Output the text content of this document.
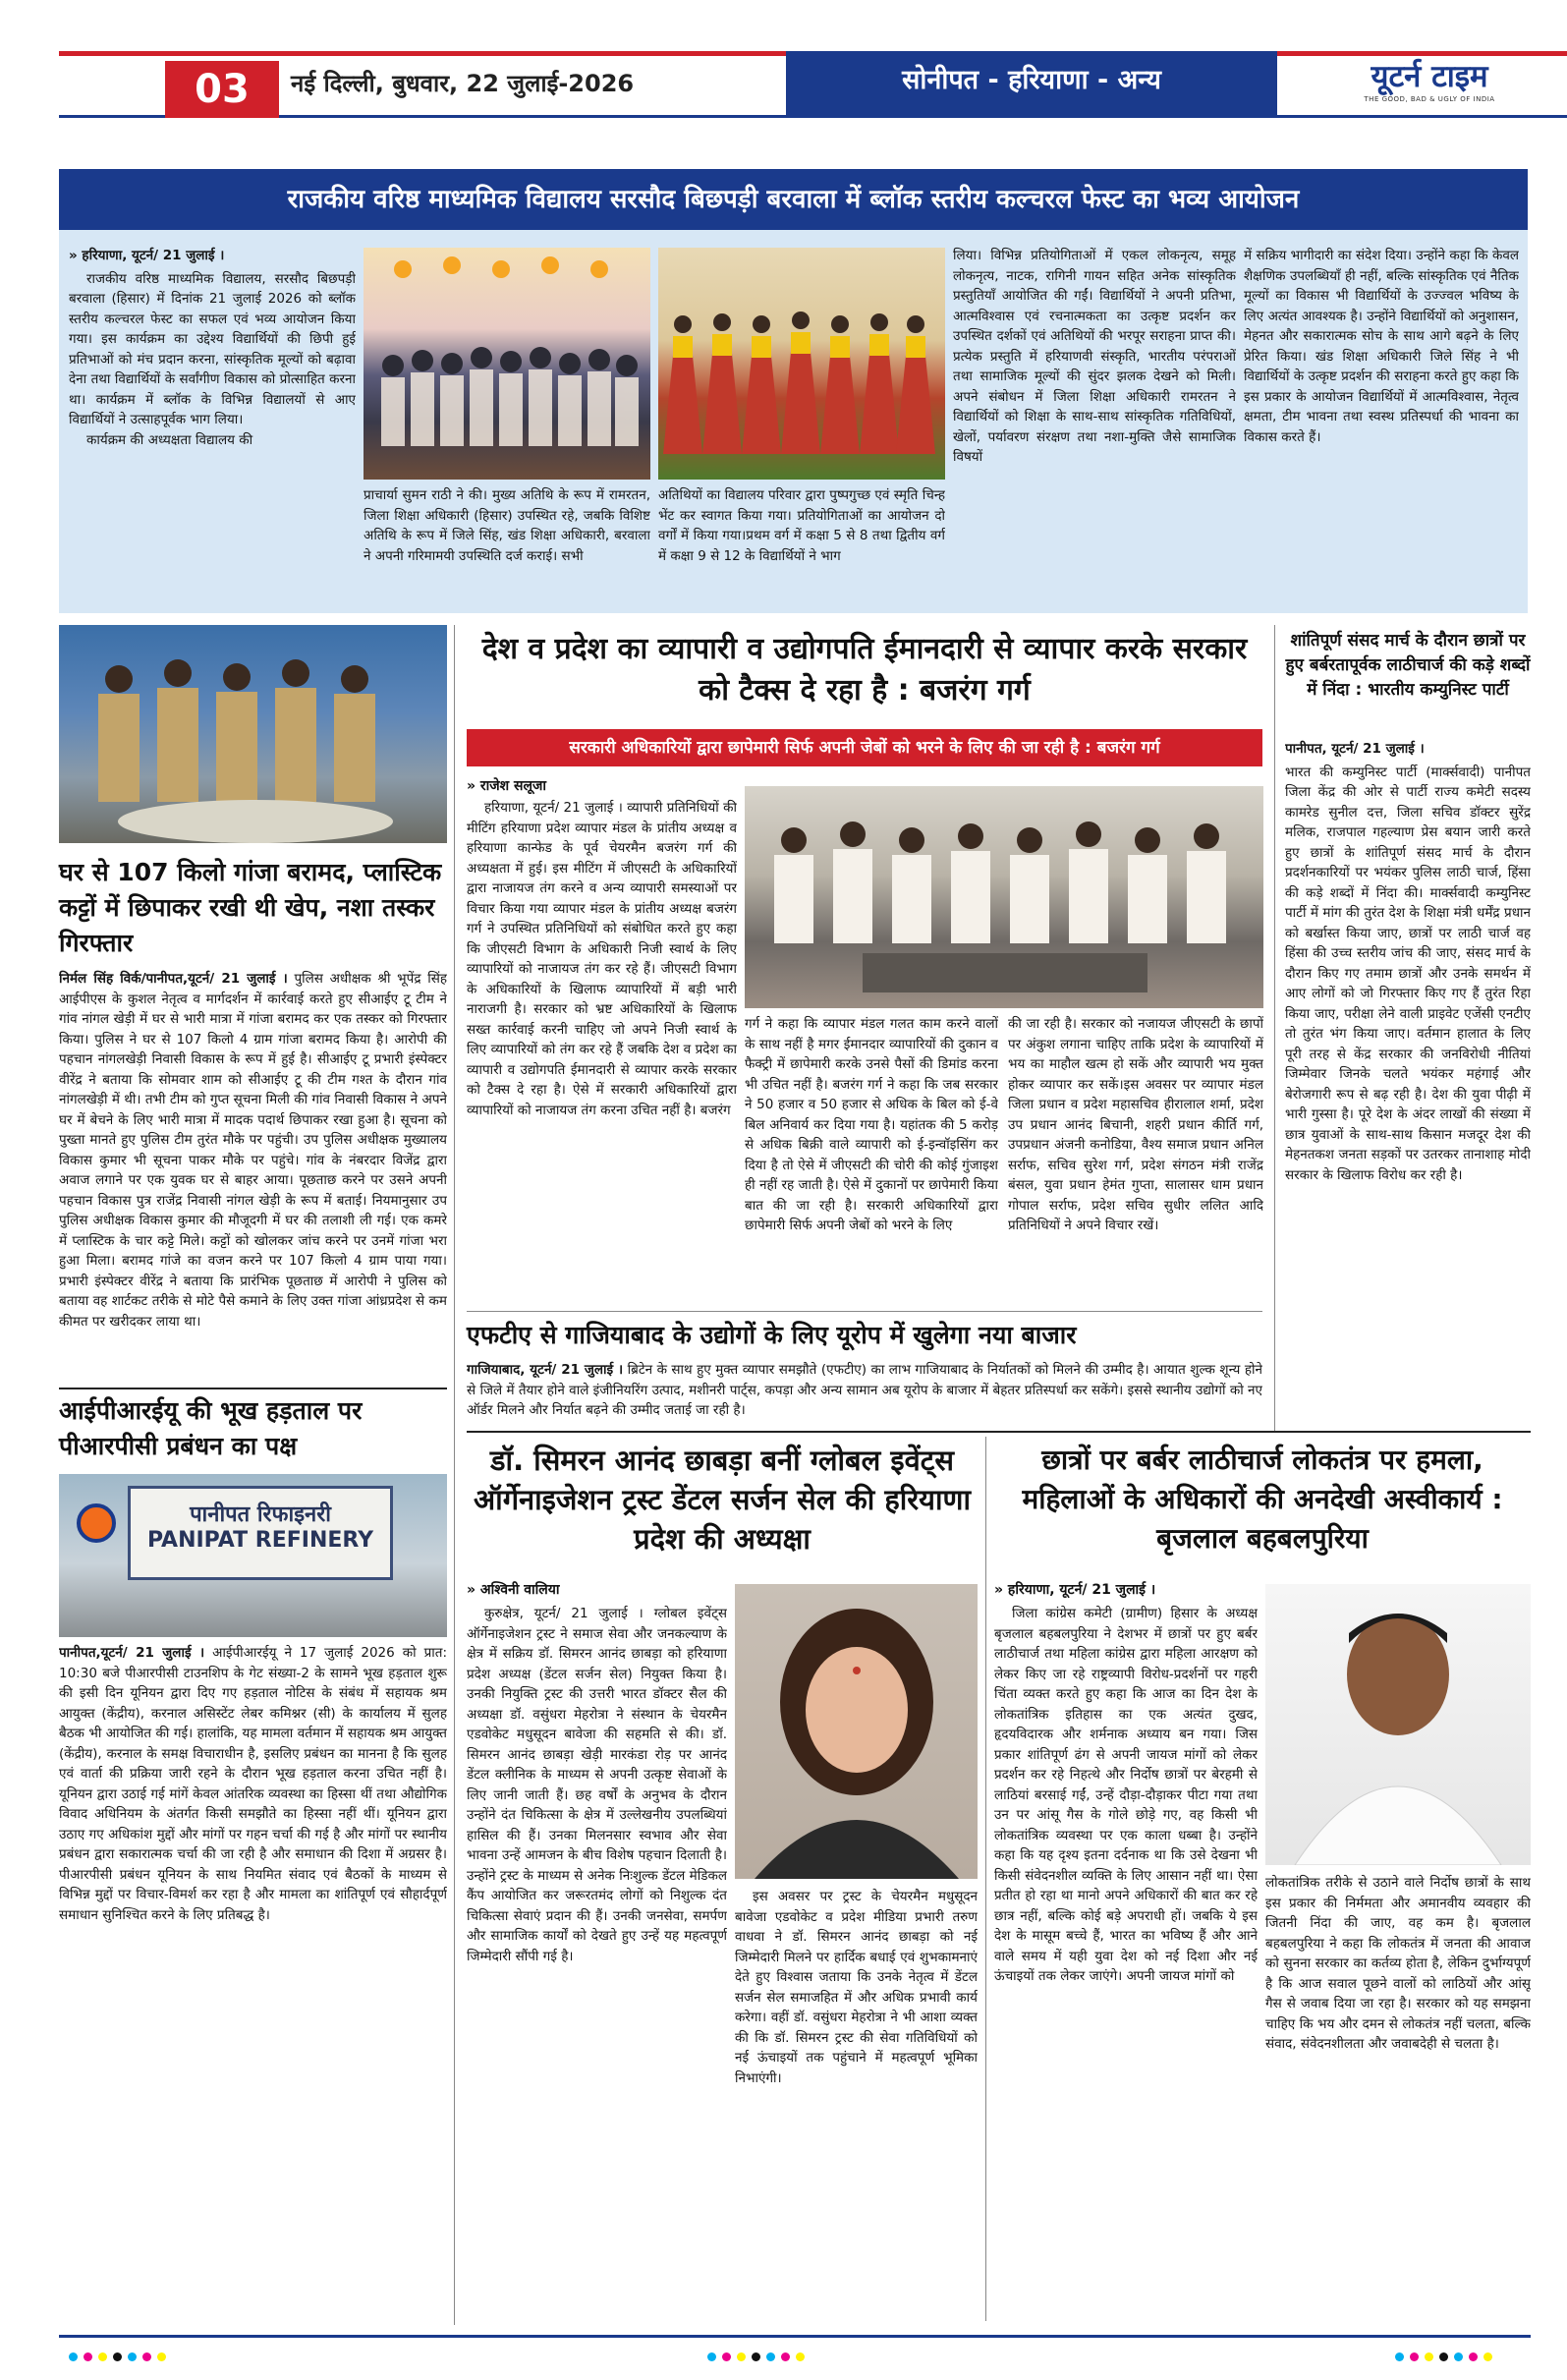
03	नई दिल्ली, बुधवार, 22 जुलाई-2026	सोनीपत - हरियाणा - अन्य	यूटर्न टाइम
THE GOOD, BAD & UGLY OF INDIA
राजकीय वरिष्ठ माध्यमिक विद्यालय सरसौद बिछपड़ी बरवाला में ब्लॉक स्तरीय कल्चरल फेस्ट का भव्य आयोजन
» हरियाणा, यूटर्न/ 21 जुलाई ।
राजकीय वरिष्ठ माध्यमिक विद्यालय, सरसौद बिछपड़ी बरवाला (हिसार) में दिनांक 21 जुलाई 2026 को ब्लॉक स्तरीय कल्चरल फेस्ट का सफल एवं भव्य आयोजन किया गया। इस कार्यक्रम का उद्देश्य विद्यार्थियों की छिपी हुई प्रतिभाओं को मंच प्रदान करना, सांस्कृतिक मूल्यों को बढ़ावा देना तथा विद्यार्थियों के सर्वांगीण विकास को प्रोत्साहित करना था। कार्यक्रम में ब्लॉक के विभिन्न विद्यालयों से आए विद्यार्थियों ने उत्साहपूर्वक भाग लिया।
कार्यक्रम की अध्यक्षता विद्यालय की
प्राचार्या सुमन राठी ने की। मुख्य अतिथि के रूप में रामरतन, जिला शिक्षा अधिकारी (हिसार) उपस्थित रहे, जबकि विशिष्ट अतिथि के रूप में जिले सिंह, खंड शिक्षा अधिकारी, बरवाला ने अपनी गरिमामयी उपस्थिति दर्ज कराई। सभी
अतिथियों का विद्यालय परिवार द्वारा पुष्पगुच्छ एवं स्मृति चिन्ह भेंट कर स्वागत किया गया। प्रतियोगिताओं का आयोजन दो वर्गों में किया गया।प्रथम वर्ग में कक्षा 5 से 8 तथा द्वितीय वर्ग में कक्षा 9 से 12 के विद्यार्थियों ने भाग
लिया। विभिन्न प्रतियोगिताओं में एकल लोकनृत्य, समूह लोकनृत्य, नाटक, रागिनी गायन सहित अनेक सांस्कृतिक प्रस्तुतियाँ आयोजित की गईं। विद्यार्थियों ने अपनी प्रतिभा, आत्मविश्वास एवं रचनात्मकता का उत्कृष्ट प्रदर्शन कर उपस्थित दर्शकों एवं अतिथियों की भरपूर सराहना प्राप्त की। प्रत्येक प्रस्तुति में हरियाणवी संस्कृति, भारतीय परंपराओं तथा सामाजिक मूल्यों की सुंदर झलक देखने को मिली। अपने संबोधन में जिला शिक्षा अधिकारी रामरतन ने विद्यार्थियों को शिक्षा के साथ-साथ सांस्कृतिक गतिविधियों, खेलों, पर्यावरण संरक्षण तथा नशा-मुक्ति जैसे सामाजिक विषयों
में सक्रिय भागीदारी का संदेश दिया। उन्होंने कहा कि केवल शैक्षणिक उपलब्धियाँ ही नहीं, बल्कि सांस्कृतिक एवं नैतिक मूल्यों का विकास भी विद्यार्थियों के उज्ज्वल भविष्य के लिए अत्यंत आवश्यक है। उन्होंने विद्यार्थियों को अनुशासन, मेहनत और सकारात्मक सोच के साथ आगे बढ़ने के लिए प्रेरित किया। खंड शिक्षा अधिकारी जिले सिंह ने भी विद्यार्थियों के उत्कृष्ट प्रदर्शन की सराहना करते हुए कहा कि इस प्रकार के आयोजन विद्यार्थियों में आत्मविश्वास, नेतृत्व क्षमता, टीम भावना तथा स्वस्थ प्रतिस्पर्धा की भावना का विकास करते हैं।
घर से 107 किलो गांजा बरामद, प्लास्टिक कट्टों में छिपाकर रखी थी खेप, नशा तस्कर गिरफ्तार
निर्मल सिंह विर्क/पानीपत,यूटर्न/ 21 जुलाई । पुलिस अधीक्षक श्री भूपेंद्र सिंह आईपीएस के कुशल नेतृत्व व मार्गदर्शन में कार्रवाई करते हुए सीआईए टू टीम ने गांव नांगल खेड़ी में घर से भारी मात्रा में गांजा बरामद कर एक तस्कर को गिरफ्तार किया। पुलिस ने घर से 107 किलो 4 ग्राम गांजा बरामद किया है। आरोपी की पहचान नांगलखेड़ी निवासी विकास के रूप में हुई है। सीआईए टू प्रभारी इंस्पेक्टर वीरेंद्र ने बताया कि सोमवार शाम को सीआईए टू की टीम गश्त के दौरान गांव नांगलखेड़ी में थी। तभी टीम को गुप्त सूचना मिली की गांव निवासी विकास ने अपने घर में बेचने के लिए भारी मात्रा में मादक पदार्थ छिपाकर रखा हुआ है। सूचना को पुख्ता मानते हुए पुलिस टीम तुरंत मौके पर पहुंची। उप पुलिस अधीक्षक मुख्यालय विकास कुमार भी सूचना पाकर मौके पर पहुंचे। गांव के नंबरदार विजेंद्र द्वारा अवाज लगाने पर एक युवक घर से बाहर आया। पूछताछ करने पर उसने अपनी पहचान विकास पुत्र राजेंद्र निवासी नांगल खेड़ी के रूप में बताई। नियमानुसार उप पुलिस अधीक्षक विकास कुमार की मौजूदगी में घर की तलाशी ली गई। एक कमरे में प्लास्टिक के चार कट्टे मिले। कट्टों को खोलकर जांच करने पर उनमें गांजा भरा हुआ मिला। बरामद गांजे का वजन करने पर 107 किलो 4 ग्राम पाया गया। प्रभारी इंस्पेक्टर वीरेंद्र ने बताया कि प्रारंभिक पूछताछ में आरोपी ने पुलिस को बताया वह शार्टकट तरीके से मोटे पैसे कमाने के लिए उक्त गांजा आंध्रप्रदेश से कम कीमत पर खरीदकर लाया था।
आईपीआरईयू की भूख हड़ताल पर पीआरपीसी प्रबंधन का पक्ष
पानीपत रिफाइनरी
PANIPAT REFINERY
पानीपत,यूटर्न/ 21 जुलाई । आईपीआरईयू ने 17 जुलाई 2026 को प्रात: 10:30 बजे पीआरपीसी टाउनशिप के गेट संख्या-2 के सामने भूख हड़ताल शुरू की इसी दिन यूनियन द्वारा दिए गए हड़ताल नोटिस के संबंध में सहायक श्रम आयुक्त (केंद्रीय), करनाल असिस्टेंट लेबर कमिश्नर (सी) के कार्यालय में सुलह बैठक भी आयोजित की गई। हालांकि, यह मामला वर्तमान में सहायक श्रम आयुक्त (केंद्रीय), करनाल के समक्ष विचाराधीन है, इसलिए प्रबंधन का मानना है कि सुलह एवं वार्ता की प्रक्रिया जारी रहने के दौरान भूख हड़ताल करना उचित नहीं है। यूनियन द्वारा उठाई गई मांगें केवल आंतरिक व्यवस्था का हिस्सा थीं तथा औद्योगिक विवाद अधिनियम के अंतर्गत किसी समझौते का हिस्सा नहीं थीं। यूनियन द्वारा उठाए गए अधिकांश मुद्दों और मांगों पर गहन चर्चा की गई है और मांगों पर स्थानीय प्रबंधन द्वारा सकारात्मक चर्चा की जा रही है और समाधान की दिशा में अग्रसर है। पीआरपीसी प्रबंधन यूनियन के साथ नियमित संवाद एवं बैठकों के माध्यम से विभिन्न मुद्दों पर विचार-विमर्श कर रहा है और मामला का शांतिपूर्ण एवं सौहार्दपूर्ण समाधान सुनिश्चित करने के लिए प्रतिबद्ध है।
देश व प्रदेश का व्यापारी व उद्योगपति ईमानदारी से व्यापार करके सरकार को टैक्स दे रहा है : बजरंग गर्ग
सरकारी अधिकारियों द्वारा छापेमारी सिर्फ अपनी जेबों को भरने के लिए की जा रही है : बजरंग गर्ग
» राजेश सलूजा
हरियाणा, यूटर्न/ 21 जुलाई । व्यापारी प्रतिनिधियों की मीटिंग हरियाणा प्रदेश व्यापार मंडल के प्रांतीय अध्यक्ष व हरियाणा कान्फेड के पूर्व चेयरमैन बजरंग गर्ग की अध्यक्षता में हुई। इस मीटिंग में जीएसटी के अधिकारियों द्वारा नाजायज तंग करने व अन्य व्यापारी समस्याओं पर विचार किया गया व्यापार मंडल के प्रांतीय अध्यक्ष बजरंग गर्ग ने उपस्थित प्रतिनिधियों को संबोधित करते हुए कहा कि जीएसटी विभाग के अधिकारी निजी स्वार्थ के लिए व्यापारियों को नाजायज तंग कर रहे हैं। जीएसटी विभाग के अधिकारियों के खिलाफ व्यापारियों में बड़ी भारी नाराजगी है। सरकार को भ्रष्ट अधिकारियों के खिलाफ सख्त कार्रवाई करनी चाहिए जो अपने निजी स्वार्थ के लिए व्यापारियों को तंग कर रहे हैं जबकि देश व प्रदेश का व्यापारी व उद्योगपति ईमानदारी से व्यापार करके सरकार को टैक्स दे रहा है। ऐसे में सरकारी अधिकारियों द्वारा व्यापारियों को नाजायज तंग करना उचित नहीं है। बजरंग
गर्ग ने कहा कि व्यापार मंडल गलत काम करने वालों के साथ नहीं है मगर ईमानदार व्यापारियों की दुकान व फैक्ट्री में छापेमारी करके उनसे पैसों की डिमांड करना भी उचित नहीं है। बजरंग गर्ग ने कहा कि जब सरकार ने 50 हजार व 50 हजार से अधिक के बिल को ई-वे बिल अनिवार्य कर दिया गया है। यहांतक की 5 करोड़ से अधिक बिक्री वाले व्यापारी को ई-इन्वॉइसिंग कर दिया है तो ऐसे में जीएसटी की चोरी की कोई गुंजाइश ही नहीं रह जाती है। ऐसे में दुकानों पर छापेमारी किया बात की जा रही है। सरकारी अधिकारियों द्वारा छापेमारी सिर्फ अपनी जेबों को भरने के लिए
की जा रही है। सरकार को नजायज जीएसटी के छापों पर अंकुश लगाना चाहिए ताकि प्रदेश के व्यापारियों में भय का माहौल खत्म हो सकें और व्यापारी भय मुक्त होकर व्यापार कर सकें।इस अवसर पर व्यापार मंडल जिला प्रधान व प्रदेश महासचिव हीरालाल शर्मा, प्रदेश उप प्रधान आनंद बिचानी, शहरी प्रधान कीर्ति गर्ग, उपप्रधान अंजनी कनोडिया, वैश्य समाज प्रधान अनिल सर्राफ, सचिव सुरेश गर्ग, प्रदेश संगठन मंत्री राजेंद्र बंसल, युवा प्रधान हेमंत गुप्ता, सालासर धाम प्रधान गोपाल सर्राफ, प्रदेश सचिव सुधीर ललित आदि प्रतिनिधियों ने अपने विचार रखें।
एफटीए से गाजियाबाद के उद्योगों के लिए यूरोप में खुलेगा नया बाजार
गाजियाबाद, यूटर्न/ 21 जुलाई । ब्रिटेन के साथ हुए मुक्त व्यापार समझौते (एफटीए) का लाभ गाजियाबाद के निर्यातकों को मिलने की उम्मीद है। आयात शुल्क शून्य होने से जिले में तैयार होने वाले इंजीनियरिंग उत्पाद, मशीनरी पार्ट्स, कपड़ा और अन्य सामान अब यूरोप के बाजार में बेहतर प्रतिस्पर्धा कर सकेंगे। इससे स्थानीय उद्योगों को नए ऑर्डर मिलने और निर्यात बढ़ने की उम्मीद जताई जा रही है।
शांतिपूर्ण संसद मार्च के दौरान छात्रों पर हुए बर्बरतापूर्वक लाठीचार्ज की कड़े शब्दों में निंदा : भारतीय कम्युनिस्ट पार्टी
पानीपत, यूटर्न/ 21 जुलाई ।
भारत की कम्युनिस्ट पार्टी (मार्क्सवादी) पानीपत जिला केंद्र की ओर से पार्टी राज्य कमेटी सदस्य कामरेड सुनील दत्त, जिला सचिव डॉक्टर सुरेंद्र मलिक, राजपाल गहल्याण प्रेस बयान जारी करते हुए छात्रों के शांतिपूर्ण संसद मार्च के दौरान प्रदर्शनकारियों पर भयंकर पुलिस लाठी चार्ज, हिंसा की कड़े शब्दों में निंदा की। मार्क्सवादी कम्युनिस्ट पार्टी में मांग की तुरंत देश के शिक्षा मंत्री धर्मेंद्र प्रधान को बर्खास्त किया जाए, छात्रों पर लाठी चार्ज वह हिंसा की उच्च स्तरीय जांच की जाए, संसद मार्च के दौरान किए गए तमाम छात्रों और उनके समर्थन में आए लोगों को जो गिरफ्तार किए गए हैं तुरंत रिहा किया जाए, परीक्षा लेने वाली प्राइवेट एजेंसी एनटीए तो तुरंत भंग किया जाए। वर्तमान हालात के लिए पूरी तरह से केंद्र सरकार की जनविरोधी नीतियां जिम्मेवार जिनके चलते भयंकर महंगाई और बेरोजगारी रूप से बढ़ रही है। देश की युवा पीढ़ी में भारी गुस्सा है। पूरे देश के अंदर लाखों की संख्या में छात्र युवाओं के साथ-साथ किसान मजदूर देश की मेहनतकश जनता सड़कों पर उतरकर तानाशाह मोदी सरकार के खिलाफ विरोध कर रही है।
डॉ. सिमरन आनंद छाबड़ा बनीं ग्लोबल इवेंट्स ऑर्गेनाइजेशन ट्रस्ट डेंटल सर्जन सेल की हरियाणा प्रदेश की अध्यक्षा
» अश्विनी वालिया
कुरुक्षेत्र, यूटर्न/ 21 जुलाई । ग्लोबल इवेंट्स ऑर्गेनाइजेशन ट्रस्ट ने समाज सेवा और जनकल्याण के क्षेत्र में सक्रिय डॉ. सिमरन आनंद छाबड़ा को हरियाणा प्रदेश अध्यक्ष (डेंटल सर्जन सेल) नियुक्त किया है। उनकी नियुक्ति ट्रस्ट की उत्तरी भारत डॉक्टर सैल की अध्यक्षा डॉ. वसुंधरा मेहरोत्रा ने संस्थान के चेयरमैन एडवोकेट मधुसूदन बावेजा की सहमति से की। डॉ. सिमरन आनंद छाबड़ा खेड़ी मारकंडा रोड़ पर आनंद डेंटल क्लीनिक के माध्यम से अपनी उत्कृष्ट सेवाओं के लिए जानी जाती हैं। छह वर्षों के अनुभव के दौरान उन्होंने दंत चिकित्सा के क्षेत्र में उल्लेखनीय उपलब्धियां हासिल की हैं। उनका मिलनसार स्वभाव और सेवा भावना उन्हें आमजन के बीच विशेष पहचान दिलाती है। उन्होंने ट्रस्ट के माध्यम से अनेक निःशुल्क डेंटल मेडिकल कैंप आयोजित कर जरूरतमंद लोगों को निशुल्क दंत चिकित्सा सेवाएं प्रदान की हैं। उनकी जनसेवा, समर्पण और सामाजिक कार्यों को देखते हुए उन्हें यह महत्वपूर्ण जिम्मेदारी सौंपी गई है।
इस अवसर पर ट्रस्ट के चेयरमैन मधुसूदन बावेजा एडवोकेट व प्रदेश मीडिया प्रभारी तरुण वाधवा ने डॉ. सिमरन आनंद छाबड़ा को नई जिम्मेदारी मिलने पर हार्दिक बधाई एवं शुभकामनाएं देते हुए विश्वास जताया कि उनके नेतृत्व में डेंटल सर्जन सेल समाजहित में और अधिक प्रभावी कार्य करेगा। वहीं डॉ. वसुंधरा मेहरोत्रा ने भी आशा व्यक्त की कि डॉ. सिमरन ट्रस्ट की सेवा गतिविधियों को नई ऊंचाइयों तक पहुंचाने में महत्वपूर्ण भूमिका निभाएंगी।
छात्रों पर बर्बर लाठीचार्ज लोकतंत्र पर हमला, महिलाओं के अधिकारों की अनदेखी अस्वीकार्य : बृजलाल बहबलपुरिया
» हरियाणा, यूटर्न/ 21 जुलाई ।
जिला कांग्रेस कमेटी (ग्रामीण) हिसार के अध्यक्ष बृजलाल बहबलपुरिया ने देशभर में छात्रों पर हुए बर्बर लाठीचार्ज तथा महिला कांग्रेस द्वारा महिला आरक्षण को लेकर किए जा रहे राष्ट्रव्यापी विरोध-प्रदर्शनों पर गहरी चिंता व्यक्त करते हुए कहा कि आज का दिन देश के लोकतांत्रिक इतिहास का एक अत्यंत दुखद, हृदयविदारक और शर्मनाक अध्याय बन गया। जिस प्रकार शांतिपूर्ण ढंग से अपनी जायज मांगों को लेकर प्रदर्शन कर रहे निहत्थे और निर्दोष छात्रों पर बेरहमी से लाठियां बरसाई गईं, उन्हें दौड़ा-दौड़ाकर पीटा गया तथा उन पर आंसू गैस के गोले छोड़े गए, वह किसी भी लोकतांत्रिक व्यवस्था पर एक काला धब्बा है। उन्होंने कहा कि यह दृश्य इतना दर्दनाक था कि उसे देखना भी किसी संवेदनशील व्यक्ति के लिए आसान नहीं था। ऐसा प्रतीत हो रहा था मानो अपने अधिकारों की बात कर रहे छात्र नहीं, बल्कि कोई बड़े अपराधी हों। जबकि ये इस देश के मासूम बच्चे हैं, भारत का भविष्य हैं और आने वाले समय में यही युवा देश को नई दिशा और नई ऊंचाइयों तक लेकर जाएंगे। अपनी जायज मांगों को
लोकतांत्रिक तरीके से उठाने वाले निर्दोष छात्रों के साथ इस प्रकार की निर्ममता और अमानवीय व्यवहार की जितनी निंदा की जाए, वह कम है। बृजलाल बहबलपुरिया ने कहा कि लोकतंत्र में जनता की आवाज को सुनना सरकार का कर्तव्य होता है, लेकिन दुर्भाग्यपूर्ण है कि आज सवाल पूछने वालों को लाठियों और आंसू गैस से जवाब दिया जा रहा है। सरकार को यह समझना चाहिए कि भय और दमन से लोकतंत्र नहीं चलता, बल्कि संवाद, संवेदनशीलता और जवाबदेही से चलता है।
